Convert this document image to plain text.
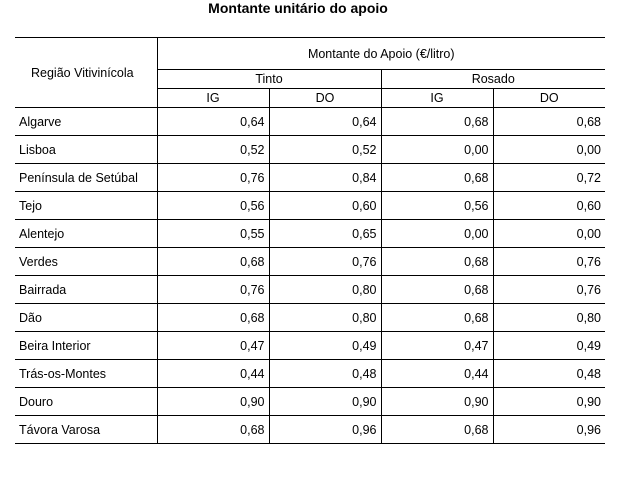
Montante unitário do apoio
Região Vitivinícola	Montante do Apoio (€/litro)			
	Tinto		Rosado	
	IG	DO	IG	DO
Algarve	0,64	0,64	0,68	0,68
Lisboa	0,52	0,52	0,00	0,00
Península de Setúbal	0,76	0,84	0,68	0,72
Tejo	0,56	0,60	0,56	0,60
Alentejo	0,55	0,65	0,00	0,00
Verdes	0,68	0,76	0,68	0,76
Bairrada	0,76	0,80	0,68	0,76
Dão	0,68	0,80	0,68	0,80
Beira Interior	0,47	0,49	0,47	0,49
Trás-os-Montes	0,44	0,48	0,44	0,48
Douro	0,90	0,90	0,90	0,90
Távora Varosa	0,68	0,96	0,68	0,96
